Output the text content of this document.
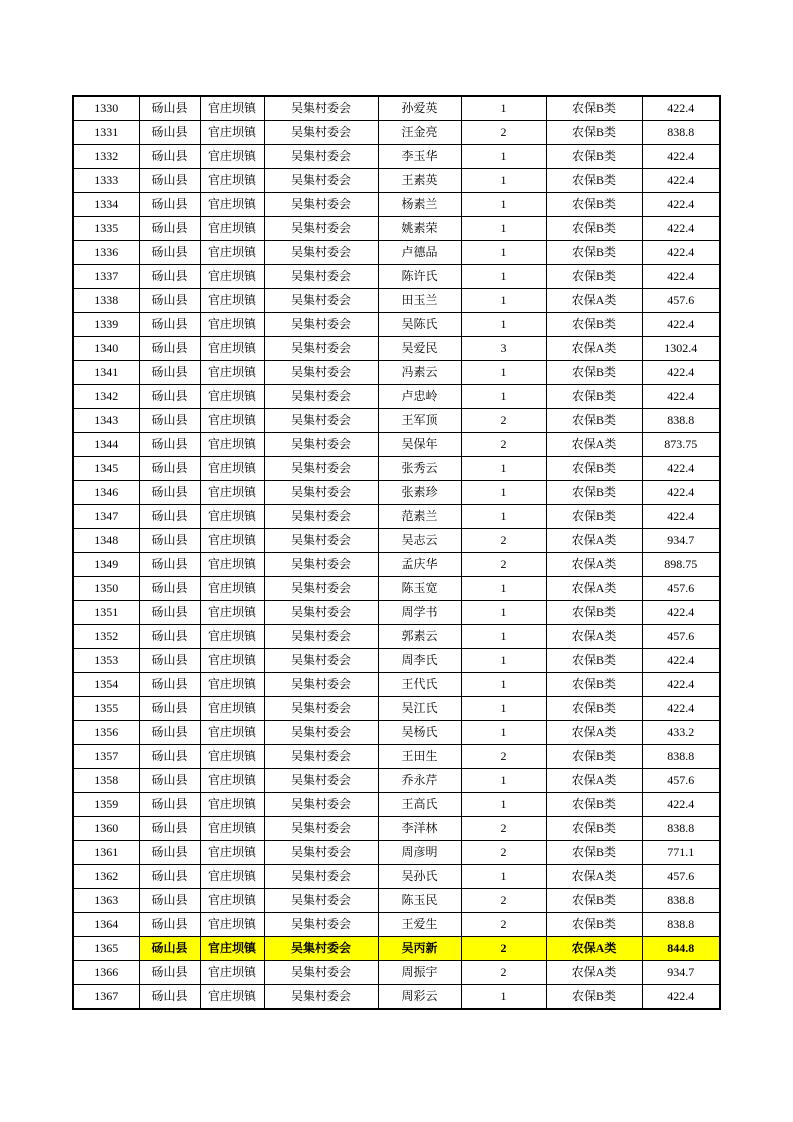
1330	砀山县	官庄坝镇	吴集村委会	孙爱英	1	农保B类	422.4
1331	砀山县	官庄坝镇	吴集村委会	汪金亮	2	农保B类	838.8
1332	砀山县	官庄坝镇	吴集村委会	李玉华	1	农保B类	422.4
1333	砀山县	官庄坝镇	吴集村委会	王素英	1	农保B类	422.4
1334	砀山县	官庄坝镇	吴集村委会	杨素兰	1	农保B类	422.4
1335	砀山县	官庄坝镇	吴集村委会	姚素荣	1	农保B类	422.4
1336	砀山县	官庄坝镇	吴集村委会	卢德品	1	农保B类	422.4
1337	砀山县	官庄坝镇	吴集村委会	陈许氏	1	农保B类	422.4
1338	砀山县	官庄坝镇	吴集村委会	田玉兰	1	农保A类	457.6
1339	砀山县	官庄坝镇	吴集村委会	吴陈氏	1	农保B类	422.4
1340	砀山县	官庄坝镇	吴集村委会	吴爱民	3	农保A类	1302.4
1341	砀山县	官庄坝镇	吴集村委会	冯素云	1	农保B类	422.4
1342	砀山县	官庄坝镇	吴集村委会	卢忠岭	1	农保B类	422.4
1343	砀山县	官庄坝镇	吴集村委会	王军顶	2	农保B类	838.8
1344	砀山县	官庄坝镇	吴集村委会	吴保年	2	农保A类	873.75
1345	砀山县	官庄坝镇	吴集村委会	张秀云	1	农保B类	422.4
1346	砀山县	官庄坝镇	吴集村委会	张素珍	1	农保B类	422.4
1347	砀山县	官庄坝镇	吴集村委会	范素兰	1	农保B类	422.4
1348	砀山县	官庄坝镇	吴集村委会	吴志云	2	农保A类	934.7
1349	砀山县	官庄坝镇	吴集村委会	孟庆华	2	农保A类	898.75
1350	砀山县	官庄坝镇	吴集村委会	陈玉宽	1	农保A类	457.6
1351	砀山县	官庄坝镇	吴集村委会	周学书	1	农保B类	422.4
1352	砀山县	官庄坝镇	吴集村委会	郭素云	1	农保A类	457.6
1353	砀山县	官庄坝镇	吴集村委会	周李氏	1	农保B类	422.4
1354	砀山县	官庄坝镇	吴集村委会	王代氏	1	农保B类	422.4
1355	砀山县	官庄坝镇	吴集村委会	吴江氏	1	农保B类	422.4
1356	砀山县	官庄坝镇	吴集村委会	吴杨氏	1	农保A类	433.2
1357	砀山县	官庄坝镇	吴集村委会	王田生	2	农保B类	838.8
1358	砀山县	官庄坝镇	吴集村委会	乔永芹	1	农保A类	457.6
1359	砀山县	官庄坝镇	吴集村委会	王高氏	1	农保B类	422.4
1360	砀山县	官庄坝镇	吴集村委会	李洋林	2	农保B类	838.8
1361	砀山县	官庄坝镇	吴集村委会	周彦明	2	农保B类	771.1
1362	砀山县	官庄坝镇	吴集村委会	吴孙氏	1	农保A类	457.6
1363	砀山县	官庄坝镇	吴集村委会	陈玉民	2	农保B类	838.8
1364	砀山县	官庄坝镇	吴集村委会	王爱生	2	农保B类	838.8
1365	砀山县	官庄坝镇	吴集村委会	吴丙新	2	农保A类	844.8
1366	砀山县	官庄坝镇	吴集村委会	周振宇	2	农保A类	934.7
1367	砀山县	官庄坝镇	吴集村委会	周彩云	1	农保B类	422.4
